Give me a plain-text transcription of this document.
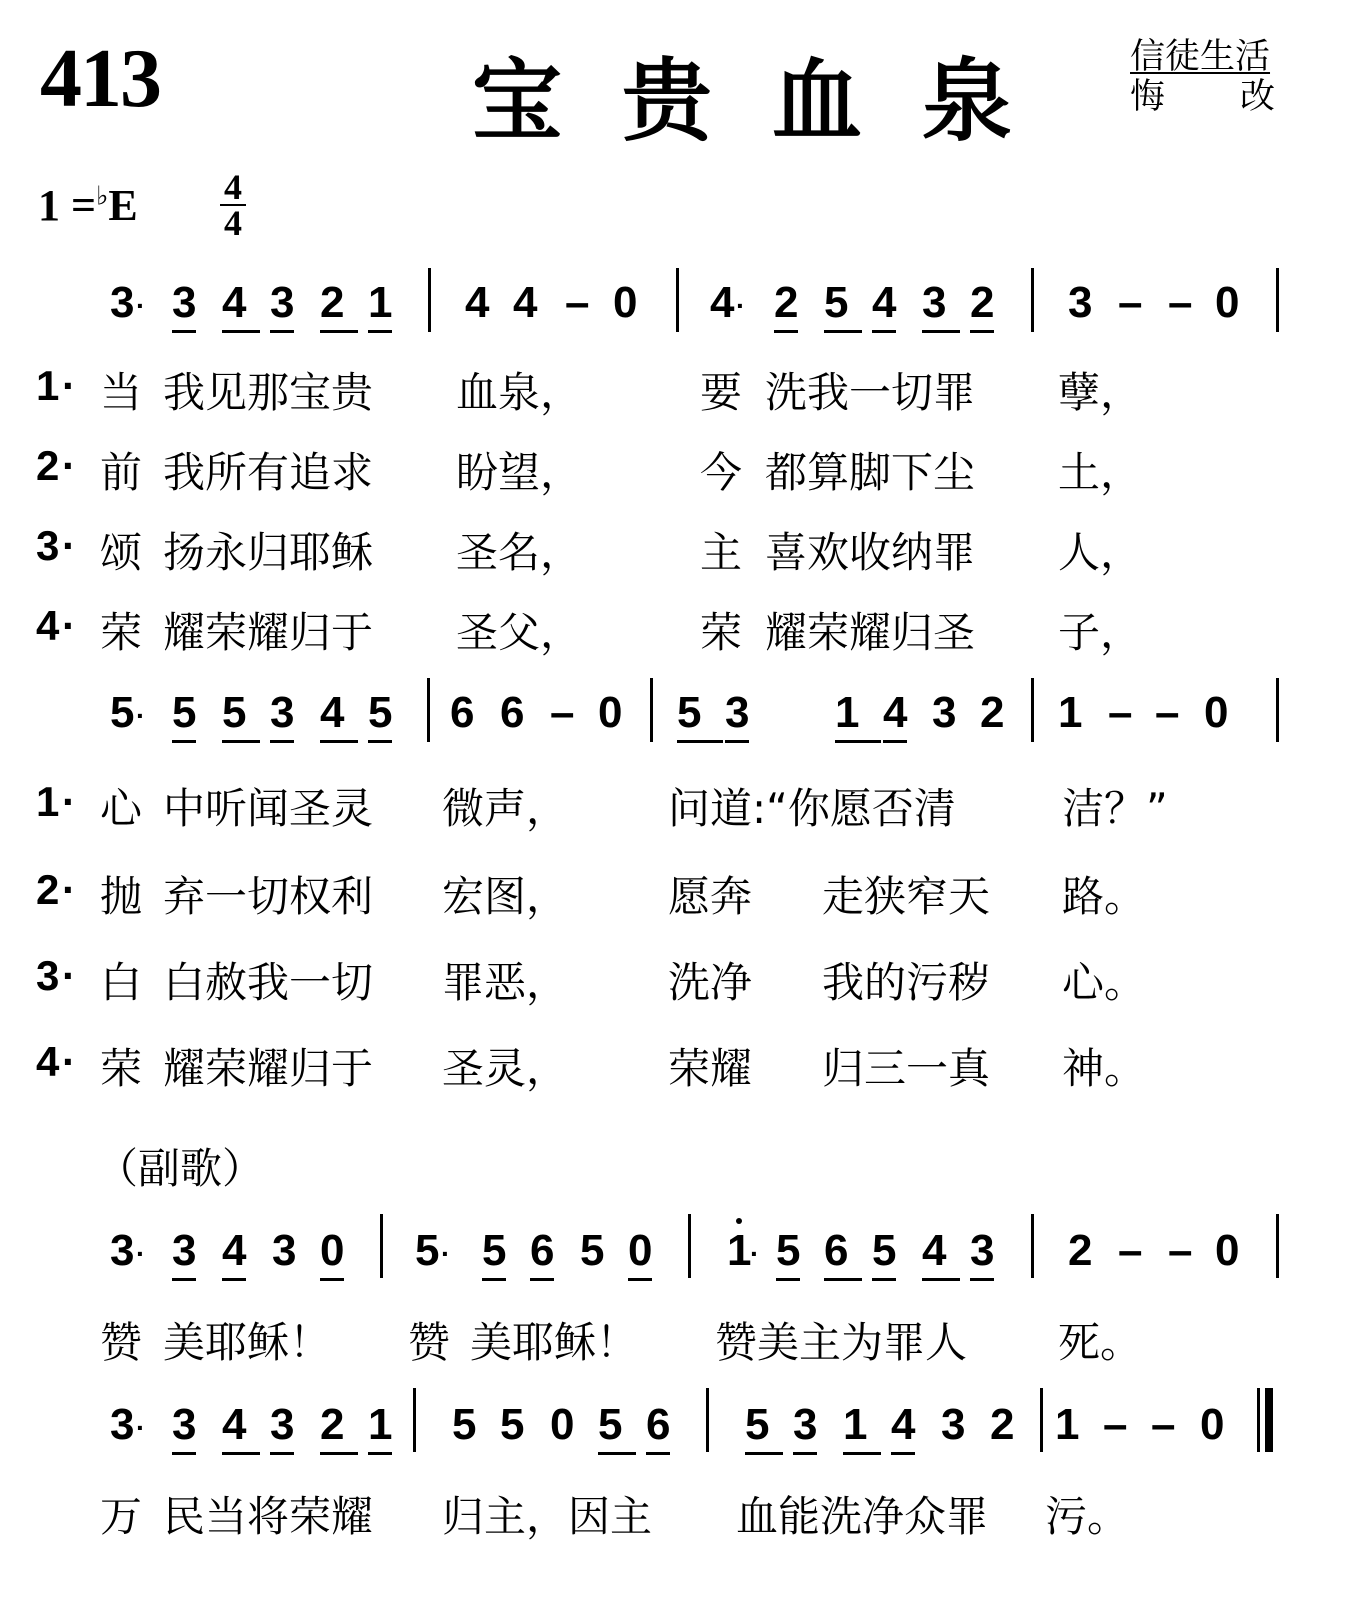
413	宝贵血泉 信徒生活
悔 改
1 =♭E 4
4
3 · 3 4 3 2 1 4 4 – 0 4 · 2 5 4 3 2 3 – – 0
1 · 当 我见那宝贵 血泉，	要 洗我一切罪 孽，
2 · 前 我所有追求 盼望，	今 都算脚下尘 土，
3 · 颂 扬永归耶稣 圣名，	主 喜欢收纳罪 人，
4 · 荣 耀荣耀归于 圣父，	荣 耀荣耀归圣 子，
5 · 5 5 3 4 5 6 6 – 0 5 3 1 4 3 2 1 – – 0
1 · 心 中听闻圣灵 微声， 问道:“你愿否清	洁？”
2 · 抛 弃一切权利 宏图， 愿奔 走狭窄天 路。
3 · 白 白赦我一切 罪恶， 洗净 我的污秽 心。
4 · 荣 耀荣耀归于 圣灵， 荣耀 归三一真 神。
（副歌）
3 · 3 4 3 0 5 · 5 6 5 0 1
· 5 6 5 4 3 2 – – 0
赞 美耶稣！ 赞 美耶稣！ 赞美主为罪人 死。
3 · 3 4 3 2 1 5 5 0 5 6 5 3 1 4 3 2 1 – – 0
万 民当将荣耀 归主，因主 血能洗净众罪 污。
